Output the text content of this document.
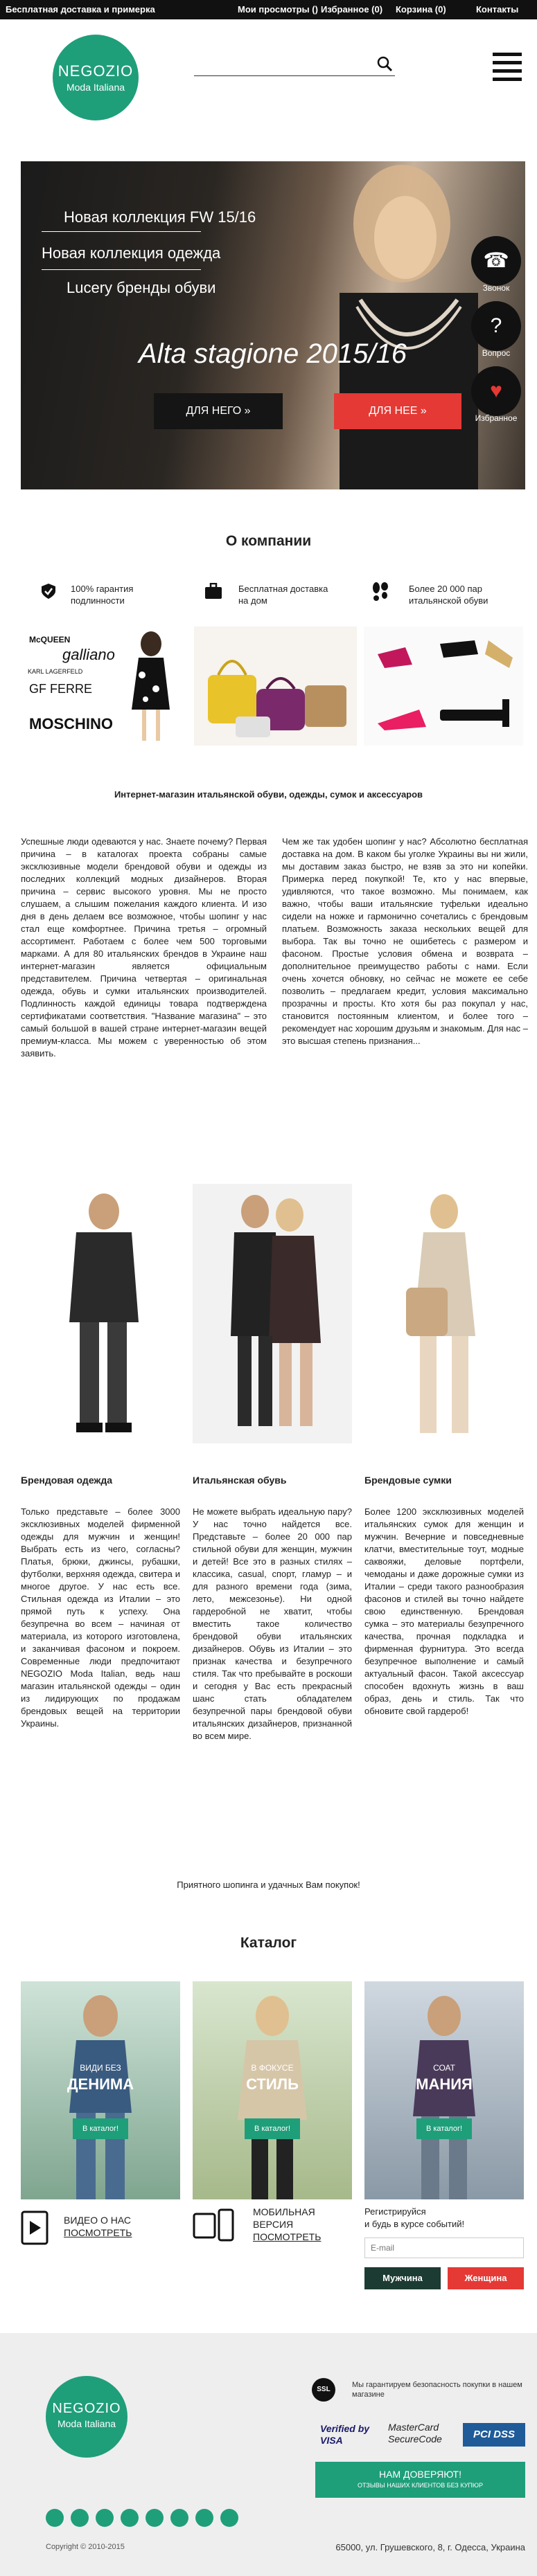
Бесплатная доставка и примерка	Мои просмотры () Избранное (0) Корзина (0)	Контакты
NEGOZIO
Moda Italiana
Новая коллекция FW 15/16
Новая коллекция одежда
Lucery бренды обуви
Alta stagione 2015/16
ДЛЯ НЕГО »	ДЛЯ НЕЕ »
☎
Звонок
?
Вопрос
♥
Избранное
О компании
100% гарантия подлинности
Бесплатная доставка на дом
Более 20 000 пар итальянской обуви
McQUEEN
galliano
KARL LAGERFELD
GF FERRE
MOSCHINO
Интернет-магазин итальянской обуви, одежды, сумок и аксессуаров
Успешные люди одеваются у нас. Знаете почему? Первая причина – в каталогах проекта собраны самые эксклюзивные модели брендовой обуви и одежды из последних коллекций модных дизайнеров. Вторая причина – сервис высокого уровня. Мы не просто слушаем, а слышим пожелания каждого клиента. И изо дня в день делаем все возможное, чтобы шопинг у нас стал еще комфортнее. Причина третья – огромный ассортимент. Работаем с более чем 500 торговыми марками. А для 80 итальянских брендов в Украине наш интернет-магазин является официальным представителем. Причина четвертая – оригинальная одежда, обувь и сумки итальянских производителей. Подлинность каждой единицы товара подтверждена сертификатами соответствия. "Название магазина" – это самый большой в вашей стране интернет-магазин вещей премиум-класса. Мы можем с уверенностью об этом заявить.
Чем же так удобен шопинг у нас? Абсолютно бесплатная доставка на дом. В каком бы уголке Украины вы ни жили, мы доставим заказ быстро, не взяв за это ни копейки. Примерка перед покупкой! Те, кто у нас впервые, удивляются, что такое возможно. Мы понимаем, как важно, чтобы ваши итальянские туфельки идеально сидели на ножке и гармонично сочетались с брендовым платьем. Возможность заказа нескольких вещей для выбора. Так вы точно не ошибетесь с размером и фасоном. Простые условия обмена и возврата – дополнительное преимущество работы с нами. Если очень хочется обновку, но сейчас не можете ее себе позволить – предлагаем кредит, условия максимально прозрачны и просты. Кто хотя бы раз покупал у нас, становится постоянным клиентом, и более того – рекомендует нас хорошим друзьям и знакомым. Для нас – это высшая степень признания...
Брендовая одежда	Итальянская обувь	Брендовые сумки
Только представьте – более 3000 эксклюзивных моделей фирменной одежды для мужчин и женщин! Выбрать есть из чего, согласны? Платья, брюки, джинсы, рубашки, футболки, верхняя одежда, свитера и многое другое. У нас есть все. Стильная одежда из Италии – это прямой путь к успеху. Она безупречна во всем – начиная от материала, из которого изготовлена, и заканчивая фасоном и покроем. Современные люди предпочитают NEGOZIO Moda Italian, ведь наш магазин итальянской одежды – один из лидирующих по продажам брендовых вещей на территории Украины.
Не можете выбрать идеальную пару? У нас точно найдется все. Представьте – более 20 000 пар стильной обуви для женщин, мужчин и детей! Все это в разных стилях – классика, casual, спорт, гламур – и для разного времени года (зима, лето, межсезонье). Ни одной гардеробной не хватит, чтобы вместить такое количество брендовой обуви итальянских дизайнеров. Обувь из Италии – это признак качества и безупречного стиля. Так что пребывайте в роскоши и сегодня у Вас есть прекрасный шанс стать обладателем безупречной пары брендовой обуви итальянских дизайнеров, признанной во всем мире.
Более 1200 эксклюзивных моделей итальянских сумок для женщин и мужчин. Вечерние и повседневные клатчи, вместительные тоут, модные саквояжи, деловые портфели, чемоданы и даже дорожные сумки из Италии – среди такого разнообразия фасонов и стилей вы точно найдете свою единственную. Брендовая сумка – это материалы безупречного качества, прочная подкладка и фирменная фурнитура. Это всегда безупречное выполнение и самый актуальный фасон. Такой аксессуар способен вдохнуть жизнь в ваш образ, день и стиль. Так что обновите свой гардероб!
Приятного шопинга и удачных Вам покупок!
Каталог
ВИДИ БЕЗ
ДЕНИМА
В каталог!
В ФОКУСЕ
СТИЛЬ
В каталог!
СОАТ
МАНИЯ
В каталог!
ВИДЕО О НАС
ПОСМОТРЕТЬ
МОБИЛЬНАЯ
ВЕРСИЯ
ПОСМОТРЕТЬ
Регистрируйся
и будь в курсе событий!
E-mail
Мужчина	Женщина
NEGOZIO
Moda Italiana
SSL
Мы гарантируем безопасность покупки в нашем магазине
Verified by VISA
MasterCard SecureCode	PCI DSS
НАМ ДОВЕРЯЮТ!
ОТЗЫВЫ НАШИХ КЛИЕНТОВ БЕЗ КУПЮР
Copyright © 2010-2015	65000, ул. Грушевского, 8, г. Одесса, Украина
